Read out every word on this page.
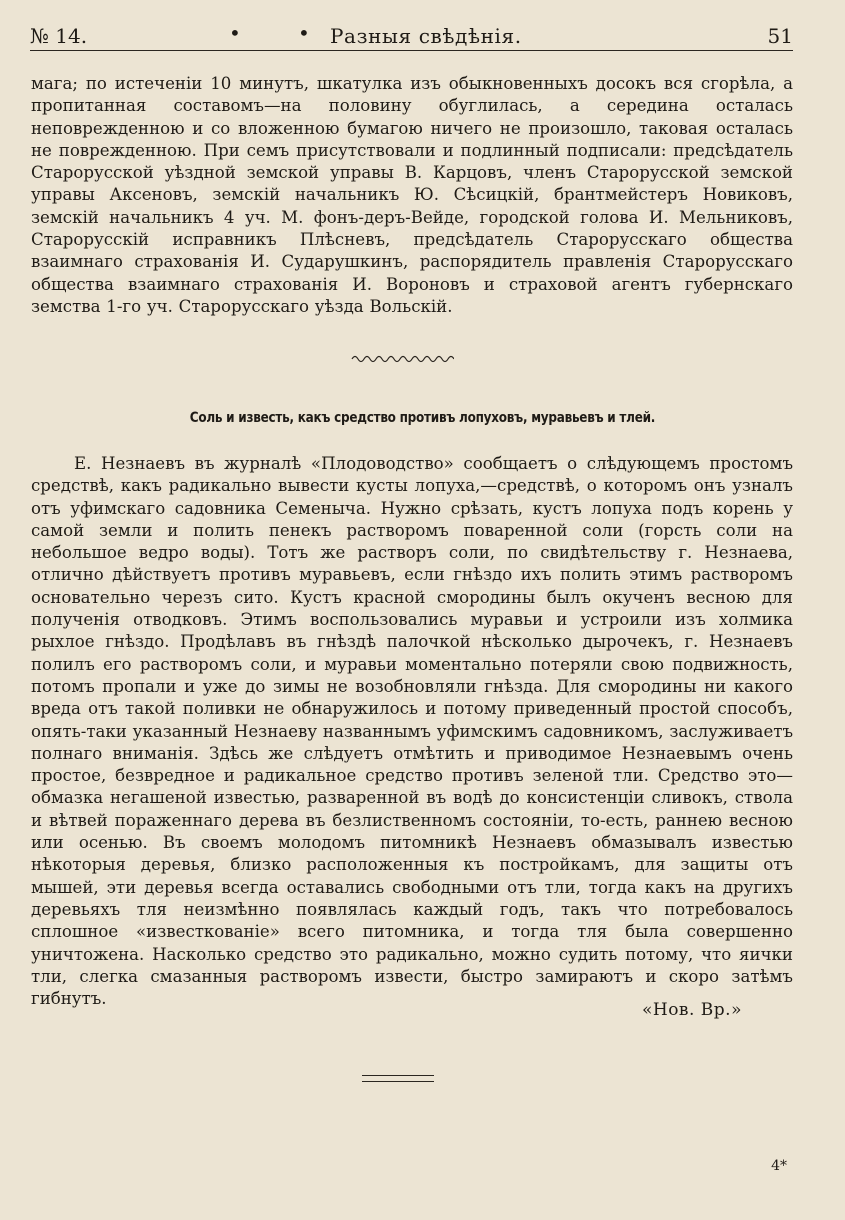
№ 14.	•	• Разныя свѣдѣнія.	51

мага; по истеченiи 10 минутъ, шкатулка изъ обыкновенныхъ досокъ вся сгорѣла, а пропитанная составомъ—на половину обуглилась, а середина осталась неповрежденною и со вложенною бумагою ничего не произошло, таковая осталась не поврежденною. При семъ присутствовали и подлинный подписали: предсѣдатель Старорусской уѣздной земской управы В. Карцовъ, членъ Старорусской земской управы Аксеновъ, земскiй начальникъ Ю. Сѣсицкiй, брантмейстеръ Новиковъ, земскiй начальникъ 4 уч. М. фонъ-деръ-Вейде, городской голова И. Мельниковъ, Старорусскiй исправникъ Плѣсневъ, предсѣдатель Старорусскаго общества взаимнаго страхованiя И. Сударушкинъ, распорядитель правленiя Старорусскаго общества взаимнаго страхованiя И. Вороновъ и страховой агентъ губернскаго земства 1-го уч. Старорусскаго уѣзда Вольскiй.

Соль и известь, какъ средство противъ лопуховъ, муравьевъ и тлей.

Е. Незнаевъ въ журналѣ «Плодоводство» сообщаетъ о слѣдующемъ простомъ средствѣ, какъ радикально вывести кусты лопуха,—средствѣ, о которомъ онъ узналъ отъ уфимскаго садовника Семеныча. Нужно срѣзать, кустъ лопуха подъ корень у самой земли и полить пенекъ растворомъ поваренной соли (горсть соли на небольшое ведро воды). Тотъ же растворъ соли, по свидѣтельству г. Незнаева, отлично дѣйствуетъ противъ муравьевъ, если гнѣздо ихъ полить этимъ растворомъ основательно черезъ сито. Кустъ красной смородины былъ окученъ весною для полученiя отводковъ. Этимъ воспользовались муравьи и устроили изъ холмика рыхлое гнѣздо. Продѣлавъ въ гнѣздѣ палочкой нѣсколько дырочекъ, г. Незнаевъ полилъ его растворомъ соли, и муравьи моментально потеряли свою подвижность, потомъ пропали и уже до зимы не возобновляли гнѣзда. Для смородины ни какого вреда отъ такой поливки не обнаружилось и потому приведенный простой способъ, опять-таки указанный Незнаеву названнымъ уфимскимъ садовникомъ, заслуживаетъ полнаго вниманiя. Здѣсь же слѣдуетъ отмѣтить и приводимое Незнаевымъ очень простое, безвредное и радикальное средство противъ зеленой тли. Средство это—обмазка негашеной известью, разваренной въ водѣ до консистенцiи сливокъ, ствола и вѣтвей пораженнаго дерева въ безлиственномъ состоянiи, то-есть, раннею весною или осенью. Въ своемъ молодомъ питомникѣ Незнаевъ обмазывалъ известью нѣкоторыя деревья, близко расположенныя къ постройкамъ, для защиты отъ мышей, эти деревья всегда оставались свободными отъ тли, тогда какъ на другихъ деревьяхъ тля неизмѣнно появлялась каждый годъ, такъ что потребовалось сплошное «известкованiе» всего питомника, и тогда тля была совершенно уничтожена. Насколько средство это радикально, можно судить потому, что яички тли, слегка смазанныя растворомъ извести, быстро замираютъ и скоро затѣмъ гибнутъ.

«Нов. Вр.»
4*
